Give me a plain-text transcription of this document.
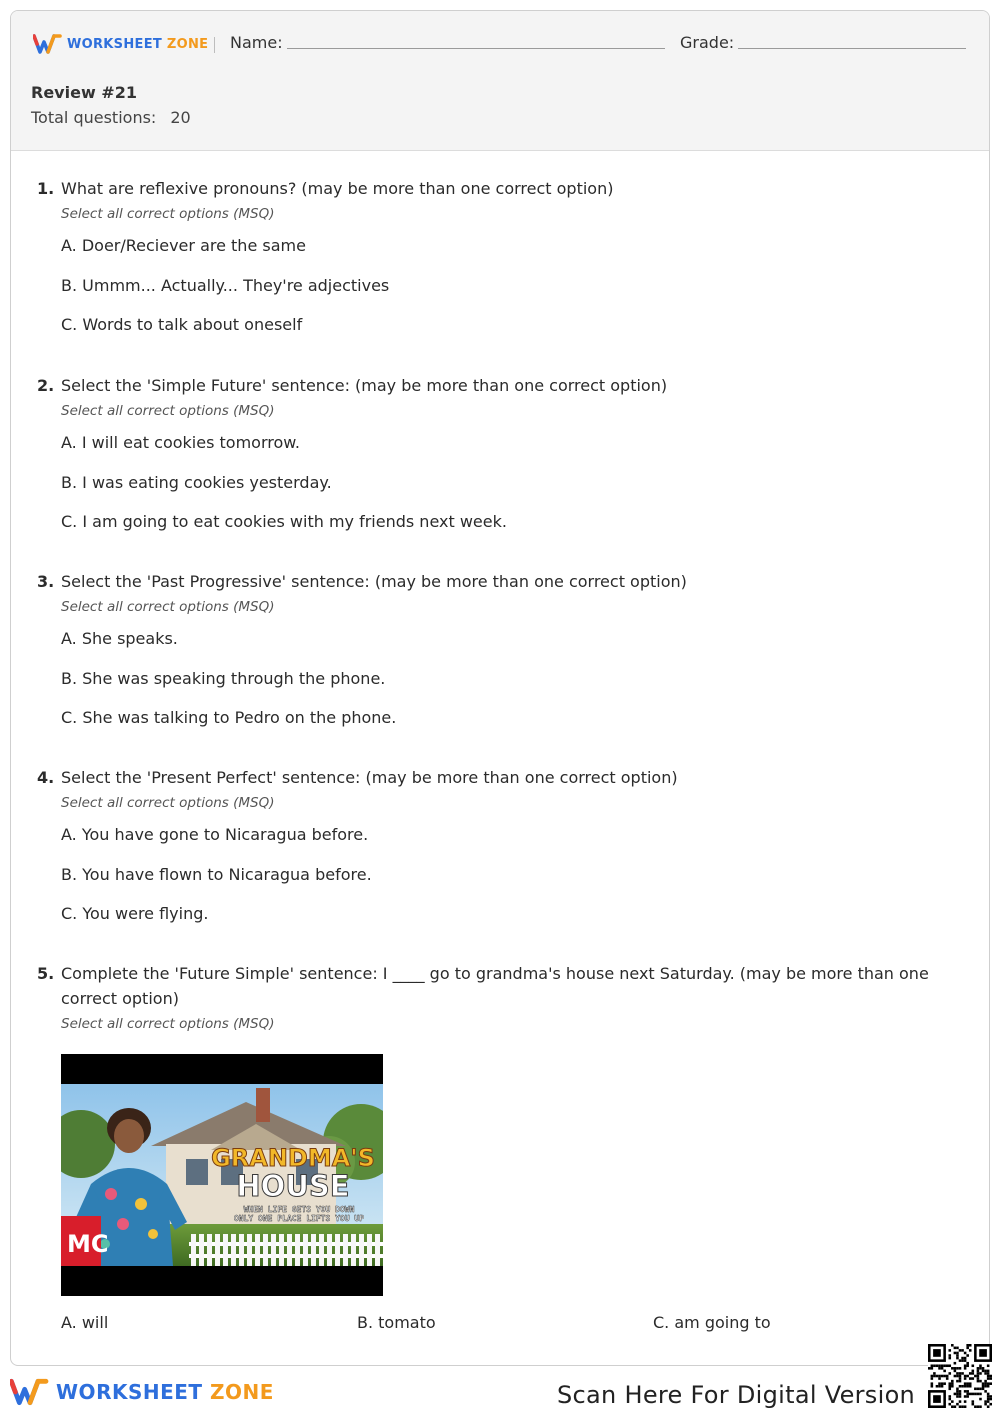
WORKSHEET ZONE Name:	Grade:
Review #21
Total questions: 20
1. What are reflexive pronouns? (may be more than one correct option)
Select all correct options (MSQ)
A. Doer/Reciever are the same
B. Ummm... Actually... They're adjectives
C. Words to talk about oneself
2. Select the 'Simple Future' sentence: (may be more than one correct option)
Select all correct options (MSQ)
A. I will eat cookies tomorrow.
B. I was eating cookies yesterday.
C. I am going to eat cookies with my friends next week.
3. Select the 'Past Progressive' sentence: (may be more than one correct option)
Select all correct options (MSQ)
A. She speaks.
B. She was speaking through the phone.
C. She was talking to Pedro on the phone.
4. Select the 'Present Perfect' sentence: (may be more than one correct option)
Select all correct options (MSQ)
A. You have gone to Nicaragua before.
B. You have flown to Nicaragua before.
C. You were flying.
5. Complete the 'Future Simple' sentence: I ____ go to grandma's house next Saturday. (may be more than one correct option)
Select all correct options (MSQ)
MC
GRANDMA'S
HOUSE
WHEN LIFE GETS YOU DOWN
ONLY ONE PLACE LIFTS YOU UP
A. will	B. tomato	C. am going to
WORKSHEET ZONE	Scan Here For Digital Version
